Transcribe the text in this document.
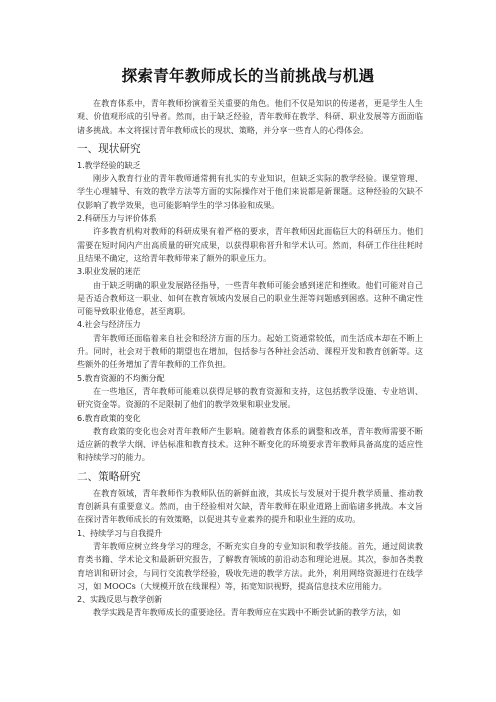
探索青年教师成长的当前挑战与机遇

在教育体系中，青年教师扮演着至关重要的角色。他们不仅是知识的传递者，更是学生人生观、价值观形成的引导者。然而，由于缺乏经验，青年教师在教学、科研、职业发展等方面面临诸多挑战。本文将探讨青年教师成长的现状、策略，并分享一些育人的心得体会。

一、现状研究

1.教学经验的缺乏

刚步入教育行业的青年教师通常拥有扎实的专业知识，但缺乏实际的教学经验。课堂管理、学生心理辅导、有效的教学方法等方面的实际操作对于他们来说都是新课题。这种经验的欠缺不仅影响了教学效果，也可能影响学生的学习体验和成果。

2.科研压力与评价体系

许多教育机构对教师的科研成果有着严格的要求，青年教师因此面临巨大的科研压力。他们需要在短时间内产出高质量的研究成果，以获得职称晋升和学术认可。然而，科研工作往往耗时且结果不确定，这给青年教师带来了额外的职业压力。

3.职业发展的迷茫

由于缺乏明确的职业发展路径指导，一些青年教师可能会感到迷茫和挫败。他们可能对自己是否适合教师这一职业、如何在教育领域内发展自己的职业生涯等问题感到困惑。这种不确定性可能导致职业倦怠，甚至离职。

4.社会与经济压力

青年教师还面临着来自社会和经济方面的压力。起始工资通常较低，而生活成本却在不断上升。同时，社会对于教师的期望也在增加，包括参与各种社会活动、课程开发和教育创新等。这些额外的任务增加了青年教师的工作负担。

5.教育资源的不均衡分配

在一些地区，青年教师可能难以获得足够的教育资源和支持，这包括教学设施、专业培训、研究资金等。资源的不足限制了他们的教学效果和职业发展。

6.教育政策的变化

教育政策的变化也会对青年教师产生影响。随着教育体系的调整和改革，青年教师需要不断适应新的教学大纲、评估标准和教育技术。这种不断变化的环境要求青年教师具备高度的适应性和持续学习的能力。

二、策略研究

在教育领域，青年教师作为教师队伍的新鲜血液，其成长与发展对于提升教学质量、推动教育创新具有重要意义。然而，由于经验相对欠缺，青年教师在职业道路上面临诸多挑战。本文旨在探讨青年教师成长的有效策略，以促进其专业素养的提升和职业生涯的成功。

1、持续学习与自我提升

青年教师应树立终身学习的理念，不断充实自身的专业知识和教学技能。首先，通过阅读教育类书籍、学术论文和最新研究报告，了解教育领域的前沿动态和理论进展。其次，参加各类教育培训和研讨会，与同行交流教学经验，吸收先进的教学方法。此外，利用网络资源进行在线学习，如 MOOCs（大规模开放在线课程）等，拓宽知识视野，提高信息技术应用能力。

2、实践反思与教学创新

教学实践是青年教师成长的重要途径。青年教师应在实践中不断尝试新的教学方法，如
